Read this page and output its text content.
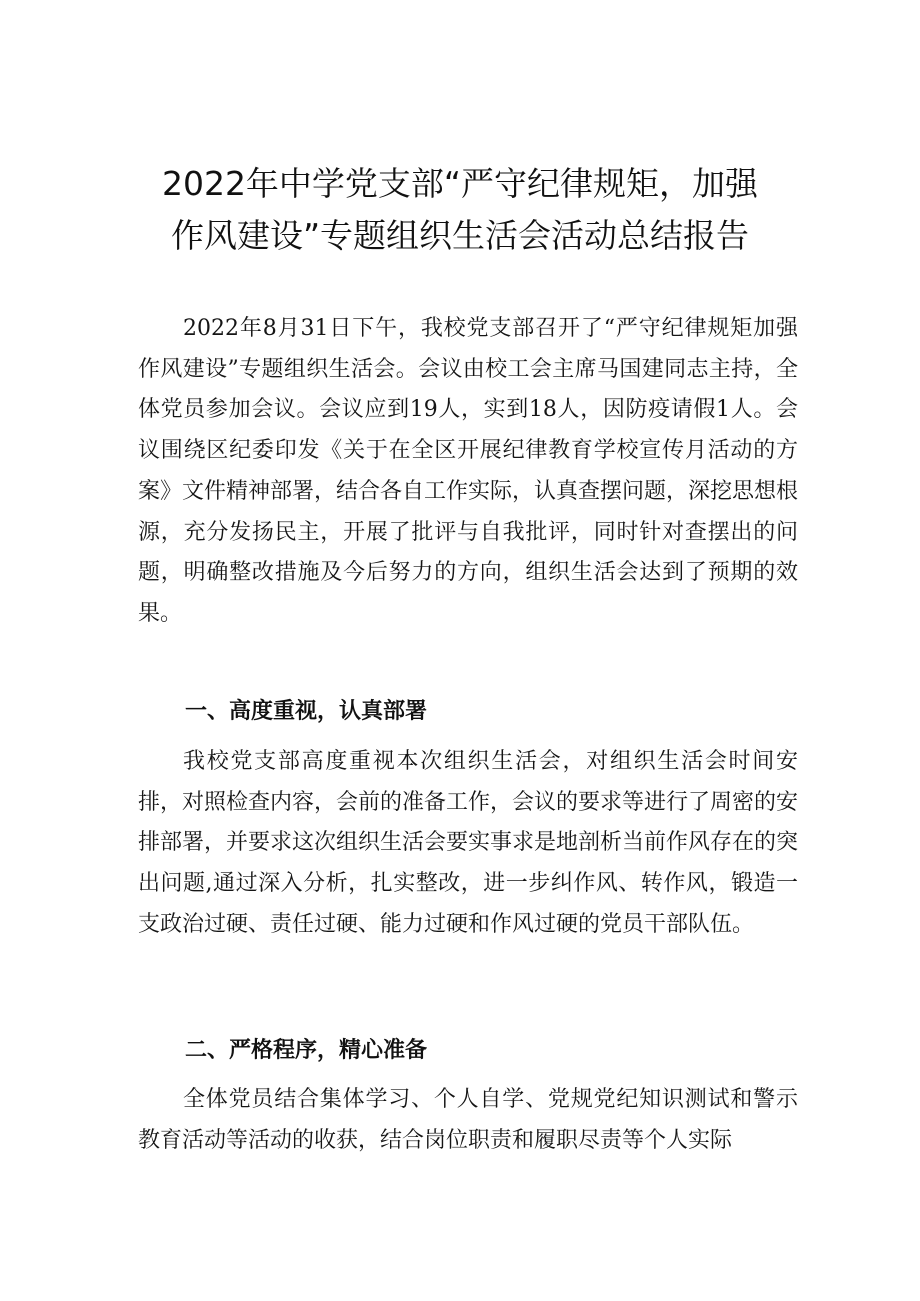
2022年中学党支部“严守纪律规矩，加强
作风建设”专题组织生活会活动总结报告

2022年8月31日下午，我校党支部召开了“严守纪律规矩加强作风建设”专题组织生活会。会议由校工会主席马国建同志主持，全体党员参加会议。会议应到19人，实到18人，因防疫请假1人。会议围绕区纪委印发《关于在全区开展纪律教育学校宣传月活动的方案》文件精神部署，结合各自工作实际，认真查摆问题，深挖思想根源，充分发扬民主，开展了批评与自我批评，同时针对查摆出的问题，明确整改措施及今后努力的方向，组织生活会达到了预期的效果。

一、高度重视，认真部署

我校党支部高度重视本次组织生活会，对组织生活会时间安排，对照检查内容，会前的准备工作，会议的要求等进行了周密的安排部署，并要求这次组织生活会要实事求是地剖析当前作风存在的突出问题,通过深入分析，扎实整改，进一步纠作风、转作风，锻造一支政治过硬、责任过硬、能力过硬和作风过硬的党员干部队伍。

二、严格程序，精心准备

全体党员结合集体学习、个人自学、党规党纪知识测试和警示教育活动等活动的收获，结合岗位职责和履职尽责等个人实际
